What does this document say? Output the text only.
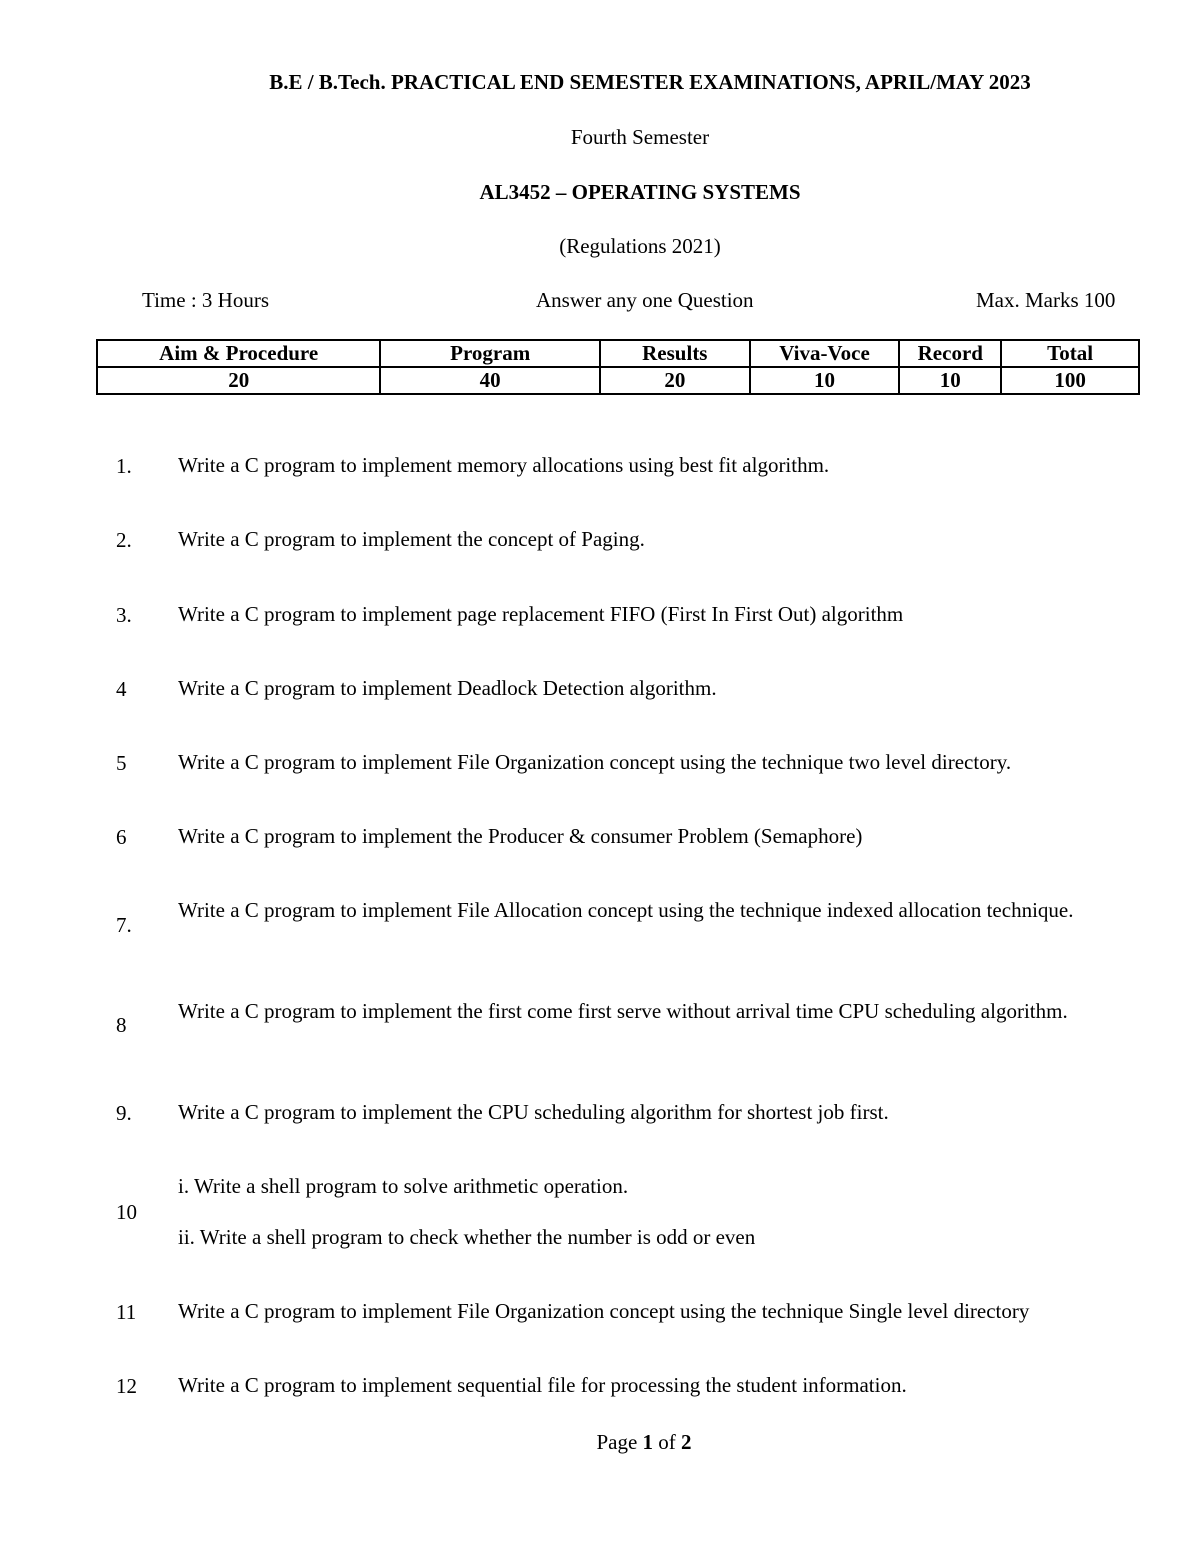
B.E / B.Tech. PRACTICAL END SEMESTER EXAMINATIONS, APRIL/MAY 2023
Fourth Semester
AL3452 – OPERATING SYSTEMS
(Regulations 2021)
Time : 3 Hours	Answer any one Question	Max. Marks 100
Aim & Procedure	Program	Results	Viva-Voce	Record	Total
20	40	20	10	10	100
1. Write a C program to implement memory allocations using best fit algorithm.
2. Write a C program to implement the concept of Paging.
3. Write a C program to implement page replacement FIFO (First In First Out) algorithm
4 Write a C program to implement Deadlock Detection algorithm.
5 Write a C program to implement File Organization concept using the technique two level directory.
6 Write a C program to implement the Producer & consumer Problem (Semaphore)
7.
Write a C program to implement File Allocation concept using the technique indexed allocation technique.
8
Write a C program to implement the first come first serve without arrival time CPU scheduling algorithm.
9. Write a C program to implement the CPU scheduling algorithm for shortest job first.
10
i. Write a shell program to solve arithmetic operation.
ii. Write a shell program to check whether the number is odd or even
11 Write a C program to implement File Organization concept using the technique Single level directory
12 Write a C program to implement sequential file for processing the student information.
Page 1 of 2
